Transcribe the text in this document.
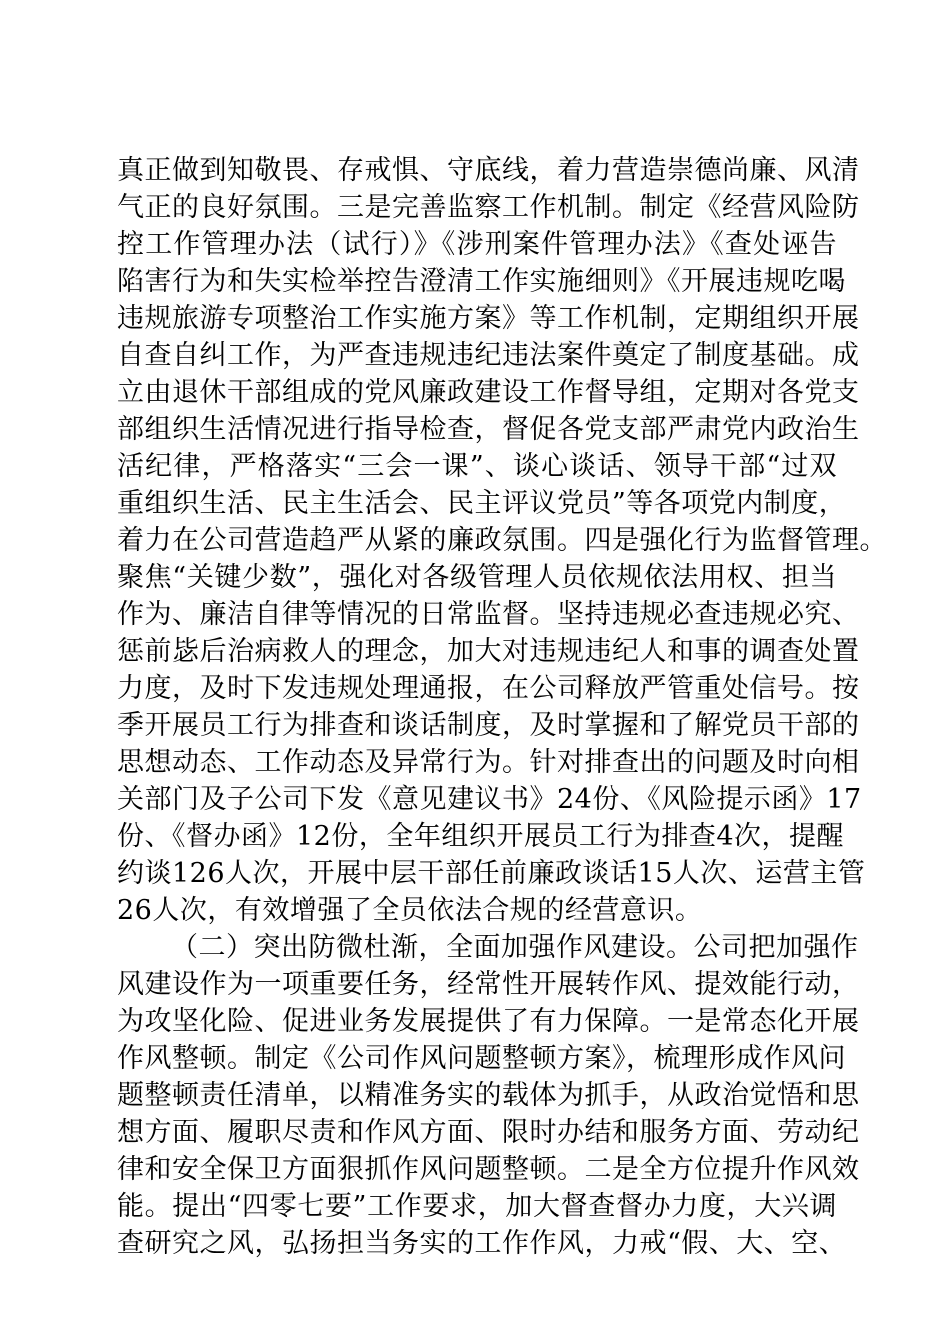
真正做到知敬畏、存戒惧、守底线，着力营造崇德尚廉、风清
气正的良好氛围。三是完善监察工作机制。制定《经营风险防
控工作管理办法（试行）》《涉刑案件管理办法》《查处诬告
陷害行为和失实检举控告澄清工作实施细则》《开展违规吃喝
违规旅游专项整治工作实施方案》等工作机制，定期组织开展
自查自纠工作，为严查违规违纪违法案件奠定了制度基础。成
立由退休干部组成的党风廉政建设工作督导组，定期对各党支
部组织生活情况进行指导检查，督促各党支部严肃党内政治生
活纪律，严格落实“三会一课”、谈心谈话、领导干部“过双
重组织生活、民主生活会、民主评议党员”等各项党内制度，
着力在公司营造趋严从紧的廉政氛围。四是强化行为监督管理。
聚焦“关键少数”，强化对各级管理人员依规依法用权、担当
作为、廉洁自律等情况的日常监督。坚持违规必查违规必究、
惩前毖后治病救人的理念，加大对违规违纪人和事的调查处置
力度，及时下发违规处理通报，在公司释放严管重处信号。按
季开展员工行为排查和谈话制度，及时掌握和了解党员干部的
思想动态、工作动态及异常行为。针对排查出的问题及时向相
关部门及子公司下发《意见建议书》24份、《风险提示函》17
份、《督办函》12份，全年组织开展员工行为排查4次，提醒
约谈126人次，开展中层干部任前廉政谈话15人次、运营主管
26人次，有效增强了全员依法合规的经营意识。
（二）突出防微杜渐，全面加强作风建设。公司把加强作
风建设作为一项重要任务，经常性开展转作风、提效能行动，
为攻坚化险、促进业务发展提供了有力保障。一是常态化开展
作风整顿。制定《公司作风问题整顿方案》，梳理形成作风问
题整顿责任清单，以精准务实的载体为抓手，从政治觉悟和思
想方面、履职尽责和作风方面、限时办结和服务方面、劳动纪
律和安全保卫方面狠抓作风问题整顿。二是全方位提升作风效
能。提出“四零七要”工作要求，加大督查督办力度，大兴调
查研究之风，弘扬担当务实的工作作风，力戒“假、大、空、
